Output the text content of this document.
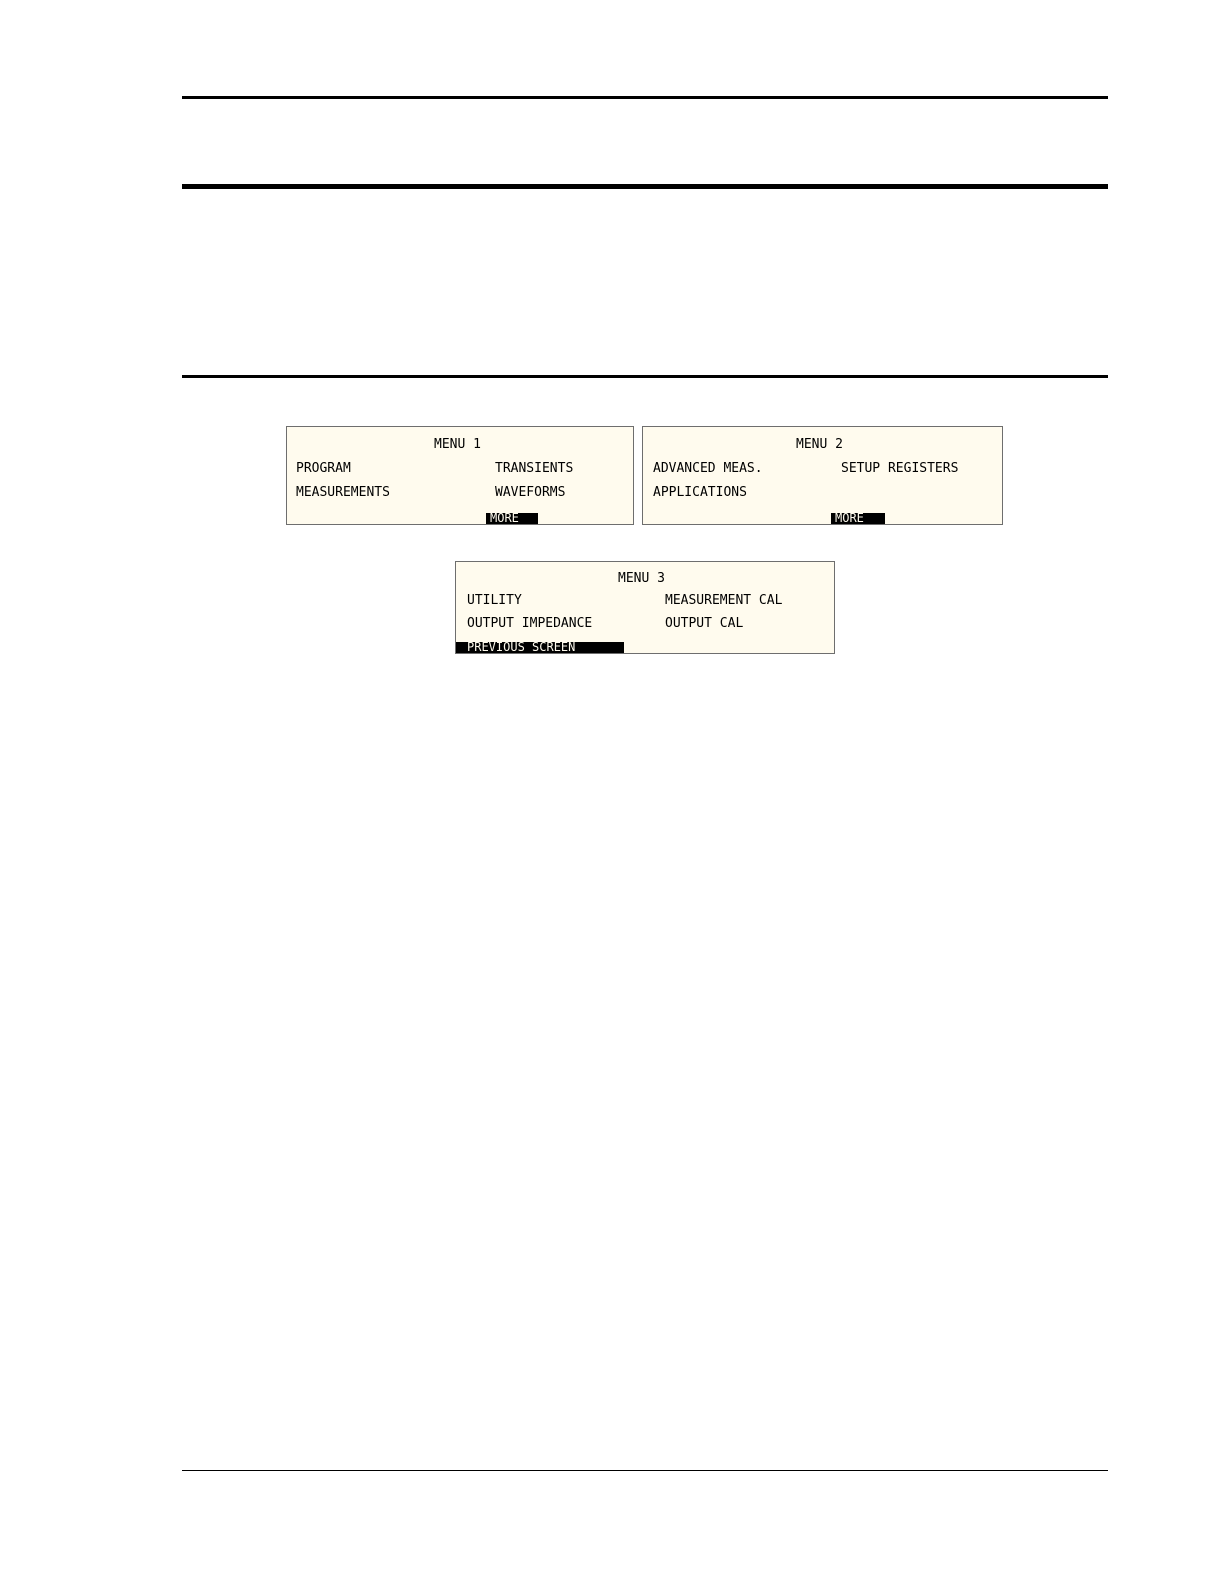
MENU 1

PROGRAM

	TRANSIENTS

MEASUREMENTS

	WAVEFORMS

MORE

MENU 2

ADVANCED MEAS.

	SETUP REGISTERS

APPLICATIONS

MORE

MENU 3

UTILITY

	MEASUREMENT CAL

OUTPUT IMPEDANCE

	OUTPUT CAL

PREVIOUS SCREEN
